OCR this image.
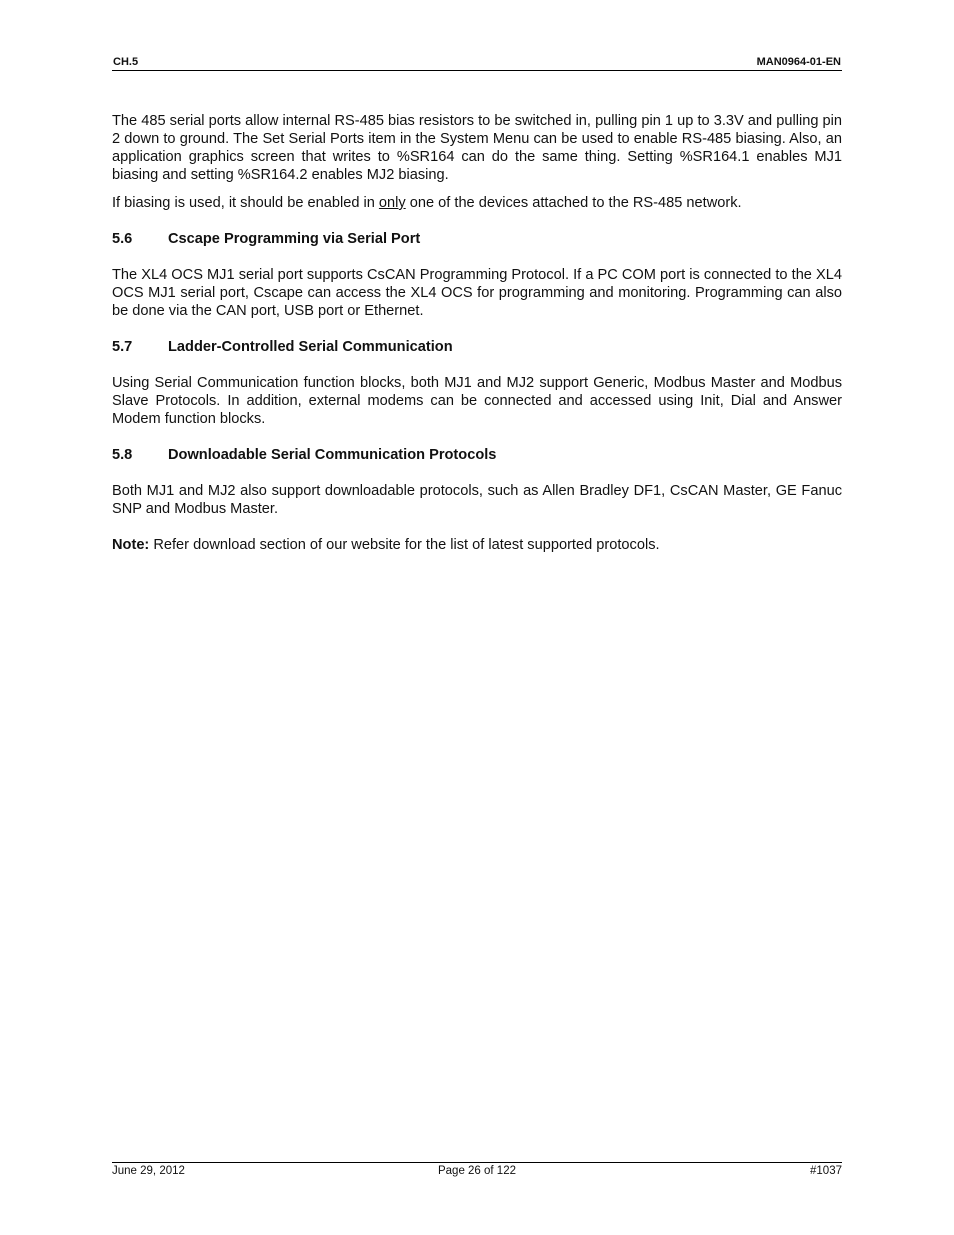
CH.5	MAN0964-01-EN

The 485 serial ports allow internal RS-485 bias resistors to be switched in, pulling pin 1 up to 3.3V and pulling pin 2 down to ground. The Set Serial Ports item in the System Menu can be used to enable RS-485 biasing. Also, an application graphics screen that writes to %SR164 can do the same thing. Setting %SR164.1 enables MJ1 biasing and setting %SR164.2 enables MJ2 biasing.

If biasing is used, it should be enabled in only one of the devices attached to the RS-485 network.

5.6 Cscape Programming via Serial Port

The XL4 OCS MJ1 serial port supports CsCAN Programming Protocol. If a PC COM port is connected to the XL4 OCS MJ1 serial port, Cscape can access the XL4 OCS for programming and monitoring. Programming can also be done via the CAN port, USB port or Ethernet.

5.7 Ladder-Controlled Serial Communication

Using Serial Communication function blocks, both MJ1 and MJ2 support Generic, Modbus Master and Modbus Slave Protocols. In addition, external modems can be connected and accessed using Init, Dial and Answer Modem function blocks.

5.8 Downloadable Serial Communication Protocols

Both MJ1 and MJ2 also support downloadable protocols, such as Allen Bradley DF1, CsCAN Master, GE Fanuc SNP and Modbus Master.

Note: Refer download section of our website for the list of latest supported protocols.

June 29, 2012	Page 26 of 122	#1037
